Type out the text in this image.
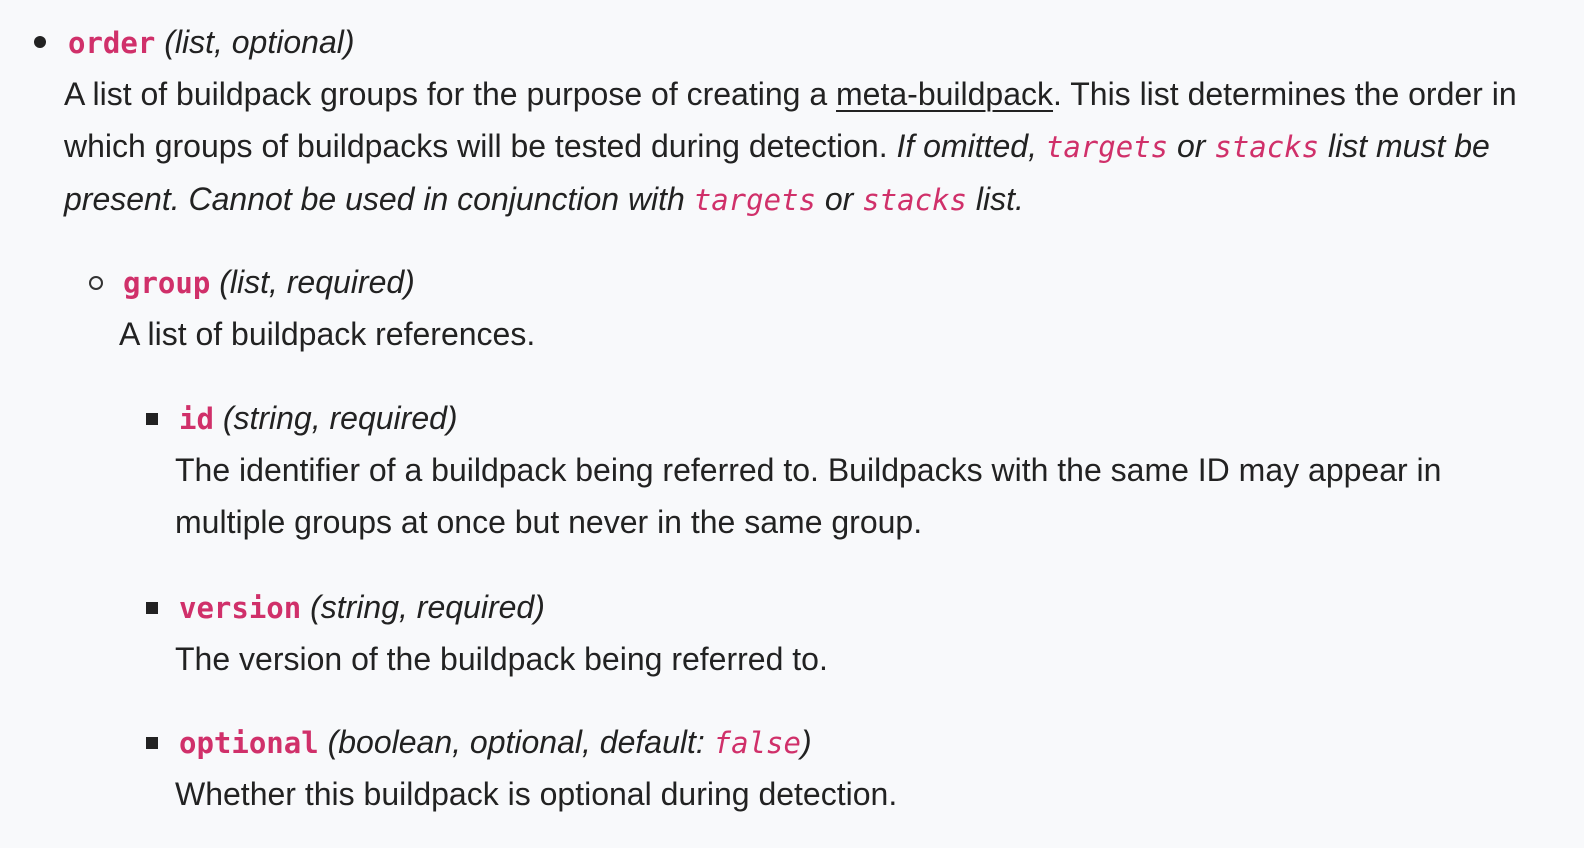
order (list, optional)
A list of buildpack groups for the purpose of creating a meta-buildpack. This list determines the order in which groups of buildpacks will be tested during detection. If omitted, targets or stacks list must be present. Cannot be used in conjunction with targets or stacks list.
group (list, required)
A list of buildpack references.
id (string, required)
The identifier of a buildpack being referred to. Buildpacks with the same ID may appear in
multiple groups at once but never in the same group.
version (string, required)
The version of the buildpack being referred to.
optional (boolean, optional, default: false)
Whether this buildpack is optional during detection.
